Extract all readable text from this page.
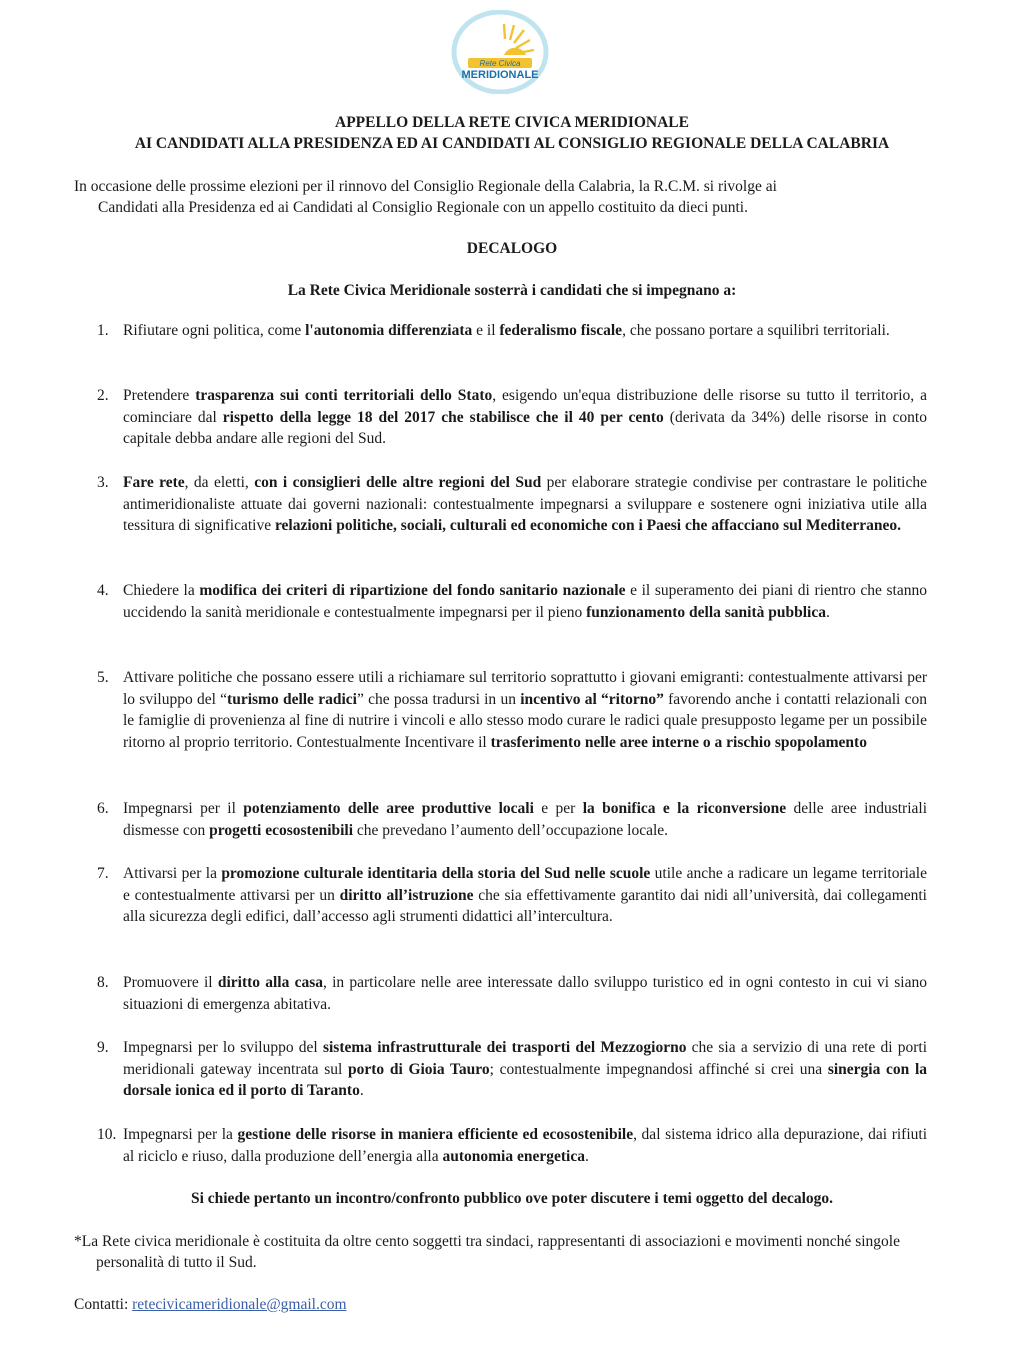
Rete Civica
MERIDIONALE
APPELLO DELLA RETE CIVICA MERIDIONALE
AI CANDIDATI ALLA PRESIDENZA ED AI CANDIDATI AL CONSIGLIO REGIONALE DELLA CALABRIA
In occasione delle prossime elezioni per il rinnovo del Consiglio Regionale della Calabria, la R.C.M. si rivolge ai
Candidati alla Presidenza ed ai Candidati al Consiglio Regionale con un appello costituito da dieci punti.
DECALOGO
La Rete Civica Meridionale sosterrà i candidati che si impegnano a:
1. Rifiutare ogni politica, come l'autonomia differenziata e il federalismo fiscale, che possano portare a squilibri territoriali.
2. Pretendere trasparenza sui conti territoriali dello Stato, esigendo un'equa distribuzione delle risorse su tutto il territorio, a cominciare dal rispetto della legge 18 del 2017 che stabilisce che il 40 per cento (derivata da 34%) delle risorse in conto capitale debba andare alle regioni del Sud.
3. Fare rete, da eletti, con i consiglieri delle altre regioni del Sud per elaborare strategie condivise per contrastare le politiche antimeridionaliste attuate dai governi nazionali: contestualmente impegnarsi a sviluppare e sostenere ogni iniziativa utile alla tessitura di significative relazioni politiche, sociali, culturali ed economiche con i Paesi che affacciano sul Mediterraneo.
4. Chiedere la modifica dei criteri di ripartizione del fondo sanitario nazionale e il superamento dei piani di rientro che stanno uccidendo la sanità meridionale e contestualmente impegnarsi per il pieno funzionamento della sanità pubblica.
5. Attivare politiche che possano essere utili a richiamare sul territorio soprattutto i giovani emigranti: contestualmente attivarsi per lo sviluppo del “turismo delle radici” che possa tradursi in un incentivo al “ritorno” favorendo anche i contatti relazionali con le famiglie di provenienza al fine di nutrire i vincoli e allo stesso modo curare le radici quale presupposto legame per un possibile ritorno al proprio territorio. Contestualmente Incentivare il trasferimento nelle aree interne o a rischio spopolamento
6. Impegnarsi per il potenziamento delle aree produttive locali e per la bonifica e la riconversione delle aree industriali dismesse con progetti ecosostenibili che prevedano l’aumento dell’occupazione locale.
7. Attivarsi per la promozione culturale identitaria della storia del Sud nelle scuole utile anche a radicare un legame territoriale e contestualmente attivarsi per un diritto all’istruzione che sia effettivamente garantito dai nidi all’università, dai collegamenti alla sicurezza degli edifici, dall’accesso agli strumenti didattici all’intercultura.
8. Promuovere il diritto alla casa, in particolare nelle aree interessate dallo sviluppo turistico ed in ogni contesto in cui vi siano situazioni di emergenza abitativa.
9. Impegnarsi per lo sviluppo del sistema infrastrutturale dei trasporti del Mezzogiorno che sia a servizio di una rete di porti meridionali gateway incentrata sul porto di Gioia Tauro; contestualmente impegnandosi affinché si crei una sinergia con la dorsale ionica ed il porto di Taranto.
10. Impegnarsi per la gestione delle risorse in maniera efficiente ed ecosostenibile, dal sistema idrico alla depurazione, dai rifiuti al riciclo e riuso, dalla produzione dell’energia alla autonomia energetica.
Si chiede pertanto un incontro/confronto pubblico ove poter discutere i temi oggetto del decalogo.
*La Rete civica meridionale è costituita da oltre cento soggetti tra sindaci, rappresentanti di associazioni e movimenti nonché singole personalità di tutto il Sud.
Contatti: retecivicameridionale@gmail.com
